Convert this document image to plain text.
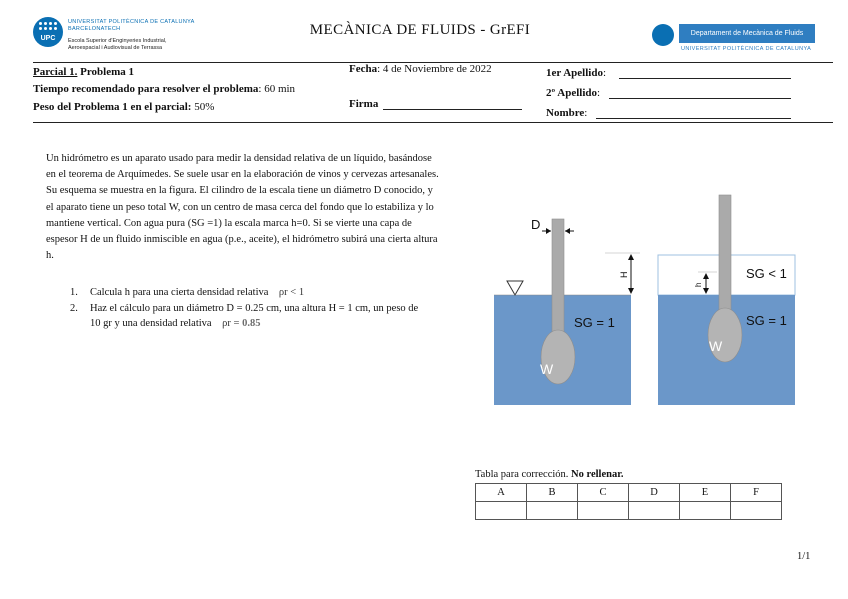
UPC
UNIVERSITAT POLITÈCNICA DE CATALUNYA
BARCELONATECH
Escola Superior d'Enginyeries Industrial,
Aeroespacial i Audiovisual de Terrassa
MECÀNICA DE FLUIDS - GrEFI	Departament de Mecànica de Fluids
UNIVERSITAT POLITÈCNICA DE CATALUNYA
Parcial 1. Problema 1
Tiempo recomendado para resolver el problema: 60 min
Peso del Problema 1 en el parcial: 50%
Fecha: 4 de Noviembre de 2022
Firma
1er Apellido :
2º Apellido :
Nombre :
Un hidrómetro es un aparato usado para medir la densidad relativa de un líquido, basándose en el teorema de Arquímedes. Se suele usar en la elaboración de vinos y cervezas artesanales. Su esquema se muestra en la figura. El cilindro de la escala tiene un diámetro D conocido, y el aparato tiene un peso total W, con un centro de masa cerca del fondo que lo estabiliza y lo mantiene vertical. Con agua pura (SG =1) la escala marca h=0. Si se vierte una capa de espesor H de un fluido inmiscible en agua (p.e., aceite), el hidrómetro subirá una cierta altura h.
1. Calcula h para una cierta densidad relativa ρr < 1
2. Haz el cálculo para un diámetro D = 0.25 cm, una altura H = 1 cm, un peso de 10 gr y una densidad relativa ρr = 0.85
W
SG = 1
D
H
W
SG < 1
SG = 1
h
Tabla para corrección. No rellenar.
A	B	C	D	E	F

1/1
